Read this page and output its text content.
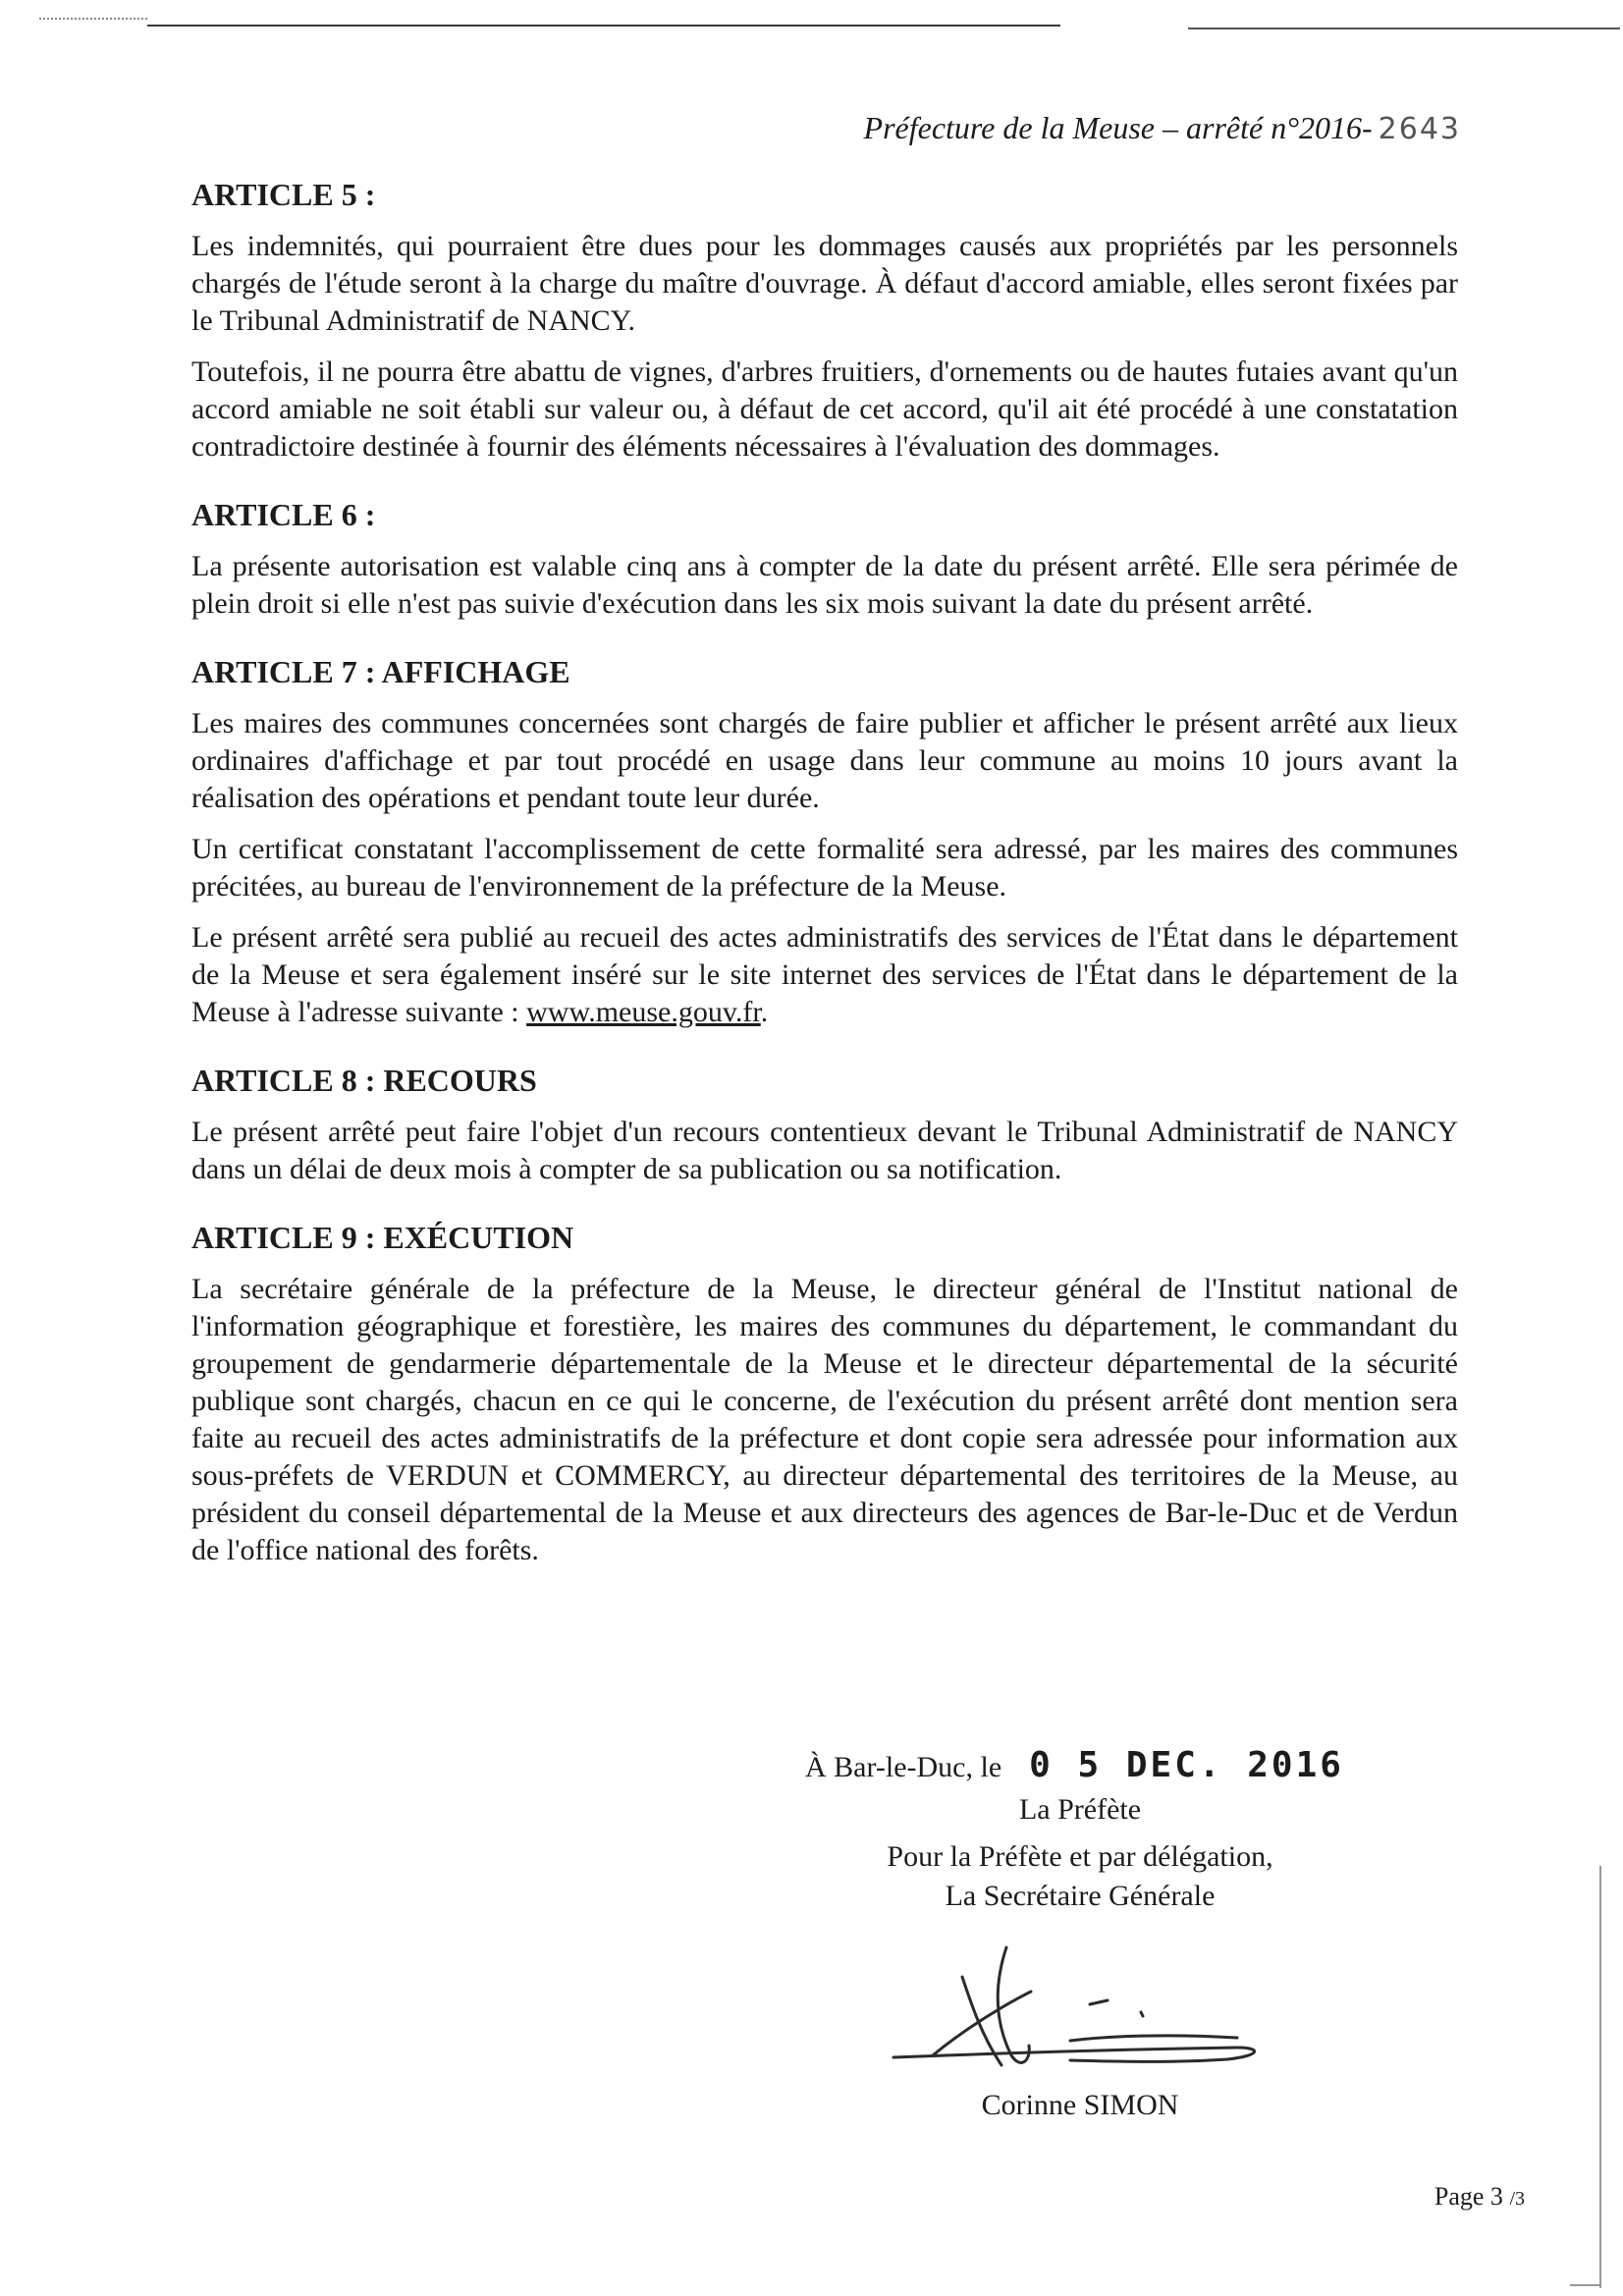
Préfecture de la Meuse – arrêté n°2016- 2643
ARTICLE 5 :

Les indemnités, qui pourraient être dues pour les dommages causés aux propriétés par les personnels chargés de l'étude seront à la charge du maître d'ouvrage. À défaut d'accord amiable, elles seront fixées par le Tribunal Administratif de NANCY.

Toutefois, il ne pourra être abattu de vignes, d'arbres fruitiers, d'ornements ou de hautes futaies avant qu'un accord amiable ne soit établi sur valeur ou, à défaut de cet accord, qu'il ait été procédé à une constatation contradictoire destinée à fournir des éléments nécessaires à l'évaluation des dommages.

ARTICLE 6 :

La présente autorisation est valable cinq ans à compter de la date du présent arrêté. Elle sera périmée de plein droit si elle n'est pas suivie d'exécution dans les six mois suivant la date du présent arrêté.

ARTICLE 7 : AFFICHAGE

Les maires des communes concernées sont chargés de faire publier et afficher le présent arrêté aux lieux ordinaires d'affichage et par tout procédé en usage dans leur commune au moins 10 jours avant la réalisation des opérations et pendant toute leur durée.

Un certificat constatant l'accomplissement de cette formalité sera adressé, par les maires des communes précitées, au bureau de l'environnement de la préfecture de la Meuse.

Le présent arrêté sera publié au recueil des actes administratifs des services de l'État dans le département de la Meuse et sera également inséré sur le site internet des services de l'État dans le département de la Meuse à l'adresse suivante : www.meuse.gouv.fr.

ARTICLE 8 : RECOURS

Le présent arrêté peut faire l'objet d'un recours contentieux devant le Tribunal Administratif de NANCY dans un délai de deux mois à compter de sa publication ou sa notification.

ARTICLE 9 : EXÉCUTION

La secrétaire générale de la préfecture de la Meuse, le directeur général de l'Institut national de l'information géographique et forestière, les maires des communes du département, le commandant du groupement de gendarmerie départementale de la Meuse et le directeur départemental de la sécurité publique sont chargés, chacun en ce qui le concerne, de l'exécution du présent arrêté dont mention sera faite au recueil des actes administratifs de la préfecture et dont copie sera adressée pour information aux sous-préfets de VERDUN et COMMERCY, au directeur départemental des territoires de la Meuse, au président du conseil départemental de la Meuse et aux directeurs des agences de Bar-le-Duc et de Verdun de l'office national des forêts.

À Bar-le-Duc, le 0 5 DEC. 2016
La Préfète
Pour la Préfète et par délégation,
La Secrétaire Générale
Corinne SIMON
Page 3 /3
